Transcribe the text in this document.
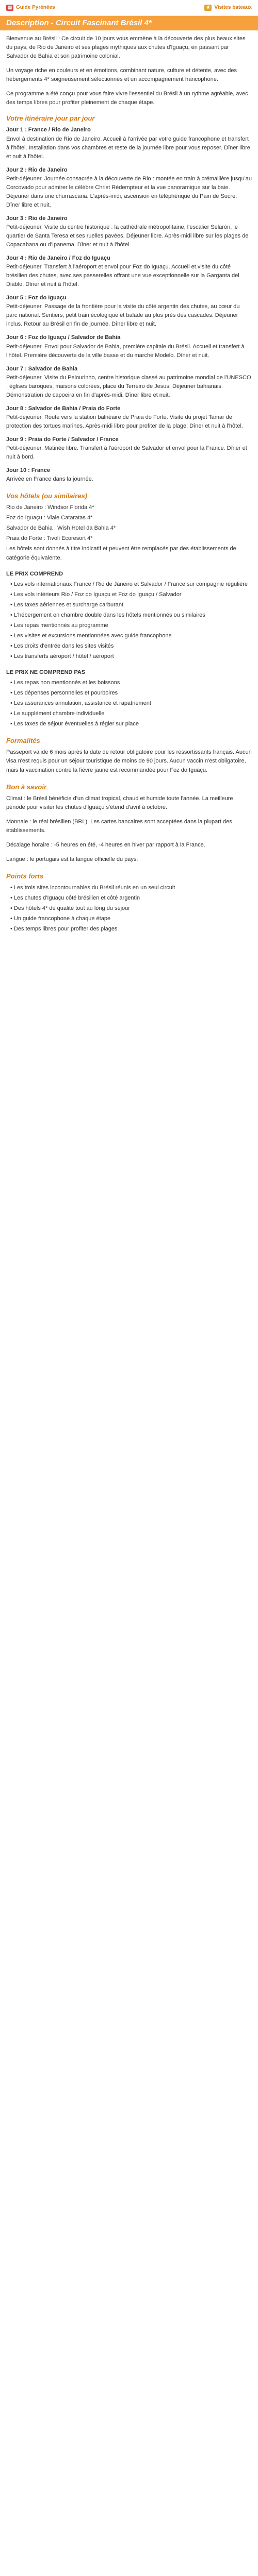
▤ Guide Pyrénées	★ Visites bateaux
Description - Circuit Fascinant Brésil 4*

Bienvenue au Brésil ! Ce circuit de 10 jours vous emmène à la découverte des plus beaux sites du pays, de Rio de Janeiro et ses plages mythiques aux chutes d'Iguaçu, en passant par Salvador de Bahia et son patrimoine colonial.

Un voyage riche en couleurs et en émotions, combinant nature, culture et détente, avec des hébergements 4* soigneusement sélectionnés et un accompagnement francophone.

Ce programme a été conçu pour vous faire vivre l'essentiel du Brésil à un rythme agréable, avec des temps libres pour profiter pleinement de chaque étape.

Votre itinéraire jour par jour

Jour 1 : France / Rio de Janeiro

Envol à destination de Rio de Janeiro. Accueil à l'arrivée par votre guide francophone et transfert à l'hôtel. Installation dans vos chambres et reste de la journée libre pour vous reposer. Dîner libre et nuit à l'hôtel.

Jour 2 : Rio de Janeiro

Petit-déjeuner. Journée consacrée à la découverte de Rio : montée en train à crémaillère jusqu'au Corcovado pour admirer le célèbre Christ Rédempteur et la vue panoramique sur la baie. Déjeuner dans une churrascaria. L'après-midi, ascension en téléphérique du Pain de Sucre. Dîner libre et nuit.

Jour 3 : Rio de Janeiro

Petit-déjeuner. Visite du centre historique : la cathédrale métropolitaine, l'escalier Selarón, le quartier de Santa Teresa et ses ruelles pavées. Déjeuner libre. Après-midi libre sur les plages de Copacabana ou d'Ipanema. Dîner et nuit à l'hôtel.

Jour 4 : Rio de Janeiro / Foz do Iguaçu

Petit-déjeuner. Transfert à l'aéroport et envol pour Foz do Iguaçu. Accueil et visite du côté brésilien des chutes, avec ses passerelles offrant une vue exceptionnelle sur la Garganta del Diablo. Dîner et nuit à l'hôtel.

Jour 5 : Foz do Iguaçu

Petit-déjeuner. Passage de la frontière pour la visite du côté argentin des chutes, au cœur du parc national. Sentiers, petit train écologique et balade au plus près des cascades. Déjeuner inclus. Retour au Brésil en fin de journée. Dîner libre et nuit.

Jour 6 : Foz do Iguaçu / Salvador de Bahia

Petit-déjeuner. Envol pour Salvador de Bahia, première capitale du Brésil. Accueil et transfert à l'hôtel. Première découverte de la ville basse et du marché Modelo. Dîner et nuit.

Jour 7 : Salvador de Bahia

Petit-déjeuner. Visite du Pelourinho, centre historique classé au patrimoine mondial de l'UNESCO : églises baroques, maisons colorées, place du Terreiro de Jesus. Déjeuner bahianais. Démonstration de capoeira en fin d'après-midi. Dîner libre et nuit.

Jour 8 : Salvador de Bahia / Praia do Forte

Petit-déjeuner. Route vers la station balnéaire de Praia do Forte. Visite du projet Tamar de protection des tortues marines. Après-midi libre pour profiter de la plage. Dîner et nuit à l'hôtel.

Jour 9 : Praia do Forte / Salvador / France

Petit-déjeuner. Matinée libre. Transfert à l'aéroport de Salvador et envol pour la France. Dîner et nuit à bord.

Jour 10 : France

Arrivée en France dans la journée.

Vos hôtels (ou similaires)

Rio de Janeiro : Windsor Florida 4*

Foz do Iguaçu : Viale Cataratas 4*

Salvador de Bahia : Wish Hotel da Bahia 4*

Praia do Forte : Tivoli Ecoresort 4*

Les hôtels sont donnés à titre indicatif et peuvent être remplacés par des établissements de catégorie équivalente.

LE PRIX COMPREND

• Les vols internationaux France / Rio de Janeiro et Salvador / France sur compagnie régulière

• Les vols intérieurs Rio / Foz do Iguaçu et Foz do Iguaçu / Salvador

• Les taxes aériennes et surcharge carburant

• L'hébergement en chambre double dans les hôtels mentionnés ou similaires

• Les repas mentionnés au programme

• Les visites et excursions mentionnées avec guide francophone

• Les droits d'entrée dans les sites visités

• Les transferts aéroport / hôtel / aéroport

LE PRIX NE COMPREND PAS

• Les repas non mentionnés et les boissons

• Les dépenses personnelles et pourboires

• Les assurances annulation, assistance et rapatriement

• Le supplément chambre individuelle

• Les taxes de séjour éventuelles à régler sur place

Formalités

Passeport valide 6 mois après la date de retour obligatoire pour les ressortissants français. Aucun visa n'est requis pour un séjour touristique de moins de 90 jours. Aucun vaccin n'est obligatoire, mais la vaccination contre la fièvre jaune est recommandée pour Foz do Iguaçu.

Bon à savoir

Climat : le Brésil bénéficie d'un climat tropical, chaud et humide toute l'année. La meilleure période pour visiter les chutes d'Iguaçu s'étend d'avril à octobre.

Monnaie : le réal brésilien (BRL). Les cartes bancaires sont acceptées dans la plupart des établissements.

Décalage horaire : -5 heures en été, -4 heures en hiver par rapport à la France.

Langue : le portugais est la langue officielle du pays.

Points forts

• Les trois sites incontournables du Brésil réunis en un seul circuit

• Les chutes d'Iguaçu côté brésilien et côté argentin

• Des hôtels 4* de qualité tout au long du séjour

• Un guide francophone à chaque étape

• Des temps libres pour profiter des plages
